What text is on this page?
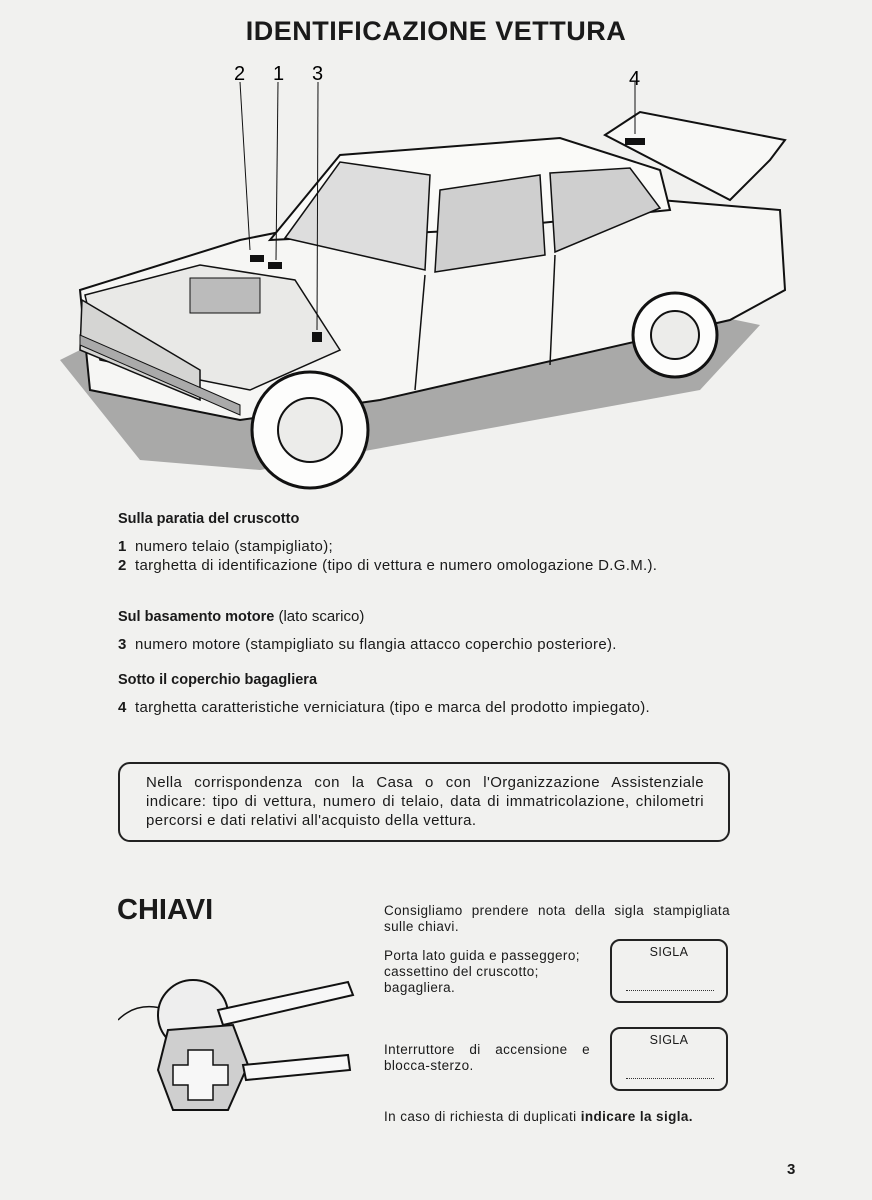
IDENTIFICAZIONE VETTURA
2 1 3	4
Sulla paratia del cruscotto
1 numero telaio (stampigliato);
2 targhetta di identificazione (tipo di vettura e numero omologazione D.G.M.).
Sul basamento motore (lato scarico)
3 numero motore (stampigliato su flangia attacco coperchio posteriore).
Sotto il coperchio bagagliera
4 targhetta caratteristiche verniciatura (tipo e marca del prodotto impiegato).
Nella corrispondenza con la Casa o con l'Organizzazione Assistenziale indicare: tipo di vettura, numero di telaio, data di immatricolazione, chilometri percorsi e dati relativi all'acquisto della vettura.
CHIAVI	Consigliamo prendere nota della sigla stampigliata sulle chiavi.
Porta lato guida e passeggero; cassettino del cruscotto; bagagliera.
SIGLA
Interruttore di accensione e blocca-sterzo.
SIGLA
In caso di richiesta di duplicati indicare la sigla.
3
